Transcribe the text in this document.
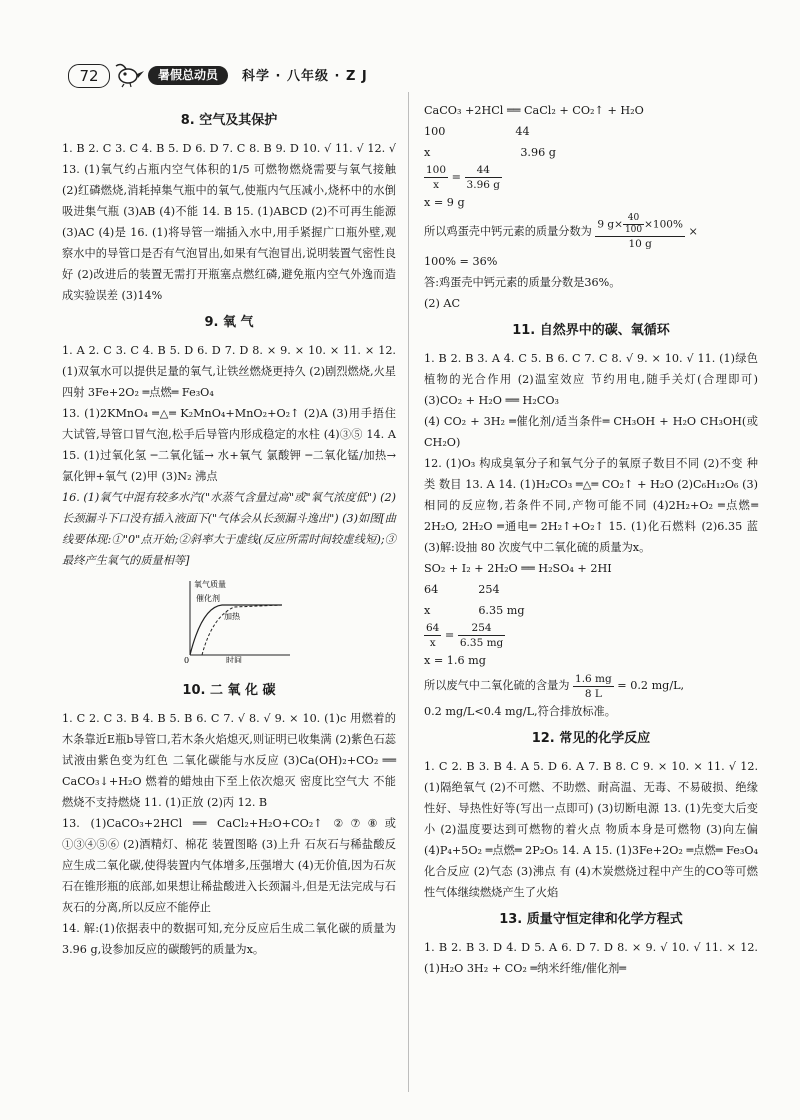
72	暑假总动员	科学 · 八年级 · Z J
8. 空气及其保护

1. B 2. C 3. C 4. B 5. D 6. D 7. C 8. B 9. D 10. √ 11. √ 12. √ 13. (1)氧气约占瓶内空气体积的1/5 可燃物燃烧需要与氧气接触 (2)红磷燃烧,消耗掉集气瓶中的氧气,使瓶内气压减小,烧杯中的水倒吸进集气瓶 (3)AB (4)不能 14. B 15. (1)ABCD (2)不可再生能源 (3)AC (4)是 16. (1)将导管一端插入水中,用手紧握广口瓶外壁,观察水中的导管口是否有气泡冒出,如果有气泡冒出,说明装置气密性良好 (2)改进后的装置无需打开瓶塞点燃红磷,避免瓶内空气外逸而造成实验误差 (3)14%

9. 氧 气

1. A 2. C 3. C 4. B 5. D 6. D 7. D 8. × 9. × 10. × 11. × 12. (1)双氧水可以提供足量的氧气,让铁丝燃烧更持久 (2)剧烈燃烧,火星四射 3Fe+2O₂ ═点燃═ Fe₃O₄

13. (1)2KMnO₄ ═△═ K₂MnO₄+MnO₂+O₂↑ (2)A (3)用手捂住大试管,导管口冒气泡,松手后导管内形成稳定的水柱 (4)③⑤ 14. A 15. (1)过氧化氢 ─二氧化锰→ 水+氧气 氯酸钾 ─二氧化锰/加热→ 氯化钾+氧气 (2)甲 (3)N₂ 沸点

16. (1)氧气中混有较多水汽("水蒸气含量过高"或"氧气浓度低") (2)长颈漏斗下口没有插入液面下("气体会从长颈漏斗逸出") (3)如图[曲线要体现:①"0"点开始;②斜率大于虚线(反应所需时间较虚线短);③最终产生氧气的质量相等]

氧气质量
催化剂
加热
0	时间
10. 二 氧 化 碳

1. C 2. C 3. B 4. B 5. B 6. C 7. √ 8. √ 9. × 10. (1)c 用燃着的木条靠近E瓶b导管口,若木条火焰熄灭,则证明已收集满 (2)紫色石蕊试液由紫色变为红色 二氧化碳能与水反应 (3)Ca(OH)₂+CO₂ ══ CaCO₃↓+H₂O 燃着的蜡烛由下至上依次熄灭 密度比空气大 不能燃烧不支持燃烧 11. (1)正放 (2)丙 12. B

13. (1)CaCO₃+2HCl ══ CaCl₂+H₂O+CO₂↑ ②⑦⑧或①③④⑤⑥ (2)酒精灯、棉花 装置图略 (3)上升 石灰石与稀盐酸反应生成二氧化碳,使得装置内气体增多,压强增大 (4)无价值,因为石灰石在锥形瓶的底部,如果想让稀盐酸进入长颈漏斗,但是无法完成与石灰石的分离,所以反应不能停止

14. 解:(1)依据表中的数据可知,充分反应后生成二氧化碳的质量为3.96 g,设参加反应的碳酸钙的质量为x。

CaCO₃ +2HCl ══ CaCl₂ + CO₂↑ + H₂O
100	44
x	3.96 g
$\frac{100}{x} = \frac{44}{3.96 g}$
x = 9 g
所以鸡蛋壳中钙元素的质量分数为 $\frac{9 g\times \frac{40}{100} \times 100\%}{10 g}$ ×
100% = 36%
答:鸡蛋壳中钙元素的质量分数是36%。
(2) AC
11. 自然界中的碳、氧循环

1. B 2. B 3. A 4. C 5. B 6. C 7. C 8. √ 9. × 10. √ 11. (1)绿色植物的光合作用 (2)温室效应 节约用电,随手关灯(合理即可) (3)CO₂ + H₂O ══ H₂CO₃

(4) CO₂ + 3H₂ ═催化剂/适当条件═ CH₃OH + H₂O CH₃OH(或CH₂O)

12. (1)O₃ 构成臭氧分子和氧气分子的氧原子数目不同 (2)不变 种类 数目 13. A 14. (1)H₂CO₃ ═△═ CO₂↑ + H₂O (2)C₆H₁₂O₆ (3)相同的反应物,若条件不同,产物可能不同 (4)2H₂+O₂ ═点燃═ 2H₂O, 2H₂O ═通电═ 2H₂↑+O₂↑ 15. (1)化石燃料 (2)6.35 蓝 (3)解:设抽 80 次废气中二氧化硫的质量为x。

SO₂ + I₂ + 2H₂O ══ H₂SO₄ + 2HI
64	254
x	6.35 mg
$\frac{64}{x} = \frac{254}{6.35 mg}$
x = 1.6 mg
所以废气中二氧化硫的含量为 $\frac{1.6 mg}{8 L} = 0.2$ mg/L,
0.2 mg/L<0.4 mg/L,符合排放标准。
12. 常见的化学反应

1. C 2. B 3. B 4. A 5. D 6. A 7. B 8. C 9. × 10. × 11. √ 12. (1)隔绝氧气 (2)不可燃、不助燃、耐高温、无毒、不易破损、绝缘性好、导热性好等(写出一点即可) (3)切断电源 13. (1)先变大后变小 (2)温度要达到可燃物的着火点 物质本身是可燃物 (3)向左偏 (4)P₄+5O₂ ═点燃═ 2P₂O₅ 14. A 15. (1)3Fe+2O₂ ═点燃═ Fe₃O₄ 化合反应 (2)气态 (3)沸点 有 (4)木炭燃烧过程中产生的CO等可燃性气体继续燃烧产生了火焰

13. 质量守恒定律和化学方程式

1. B 2. B 3. D 4. D 5. A 6. D 7. D 8. × 9. √ 10. √ 11. × 12. (1)H₂O 3H₂ + CO₂ ═纳米纤维/催化剂═
